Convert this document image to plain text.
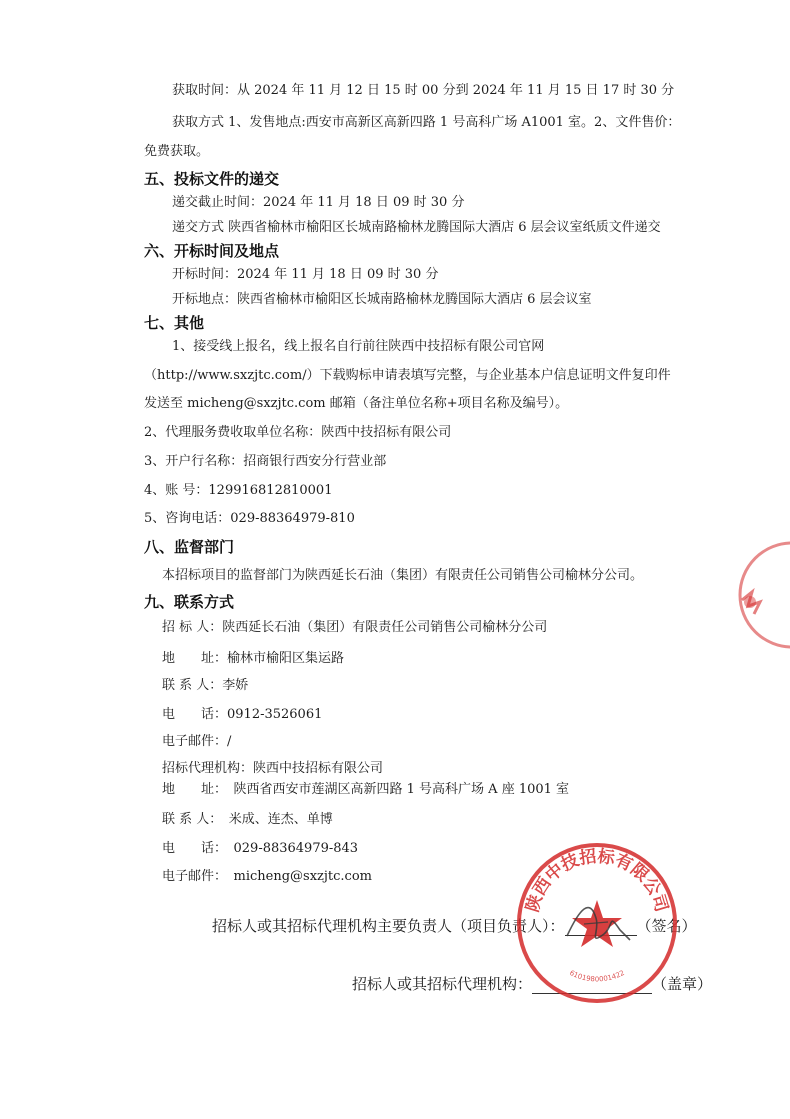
获取时间：从 2024 年 11 月 12 日 15 时 00 分到 2024 年 11 月 15 日 17 时 30 分
获取方式 1、发售地点:西安市高新区高新四路 1 号高科广场 A1001 室。2、文件售价：
免费获取。
五、投标文件的递交
递交截止时间：2024 年 11 月 18 日 09 时 30 分
递交方式 陕西省榆林市榆阳区长城南路榆林龙腾国际大酒店 6 层会议室纸质文件递交
六、开标时间及地点
开标时间：2024 年 11 月 18 日 09 时 30 分
开标地点：陕西省榆林市榆阳区长城南路榆林龙腾国际大酒店 6 层会议室
七、其他
1、接受线上报名，线上报名自行前往陕西中技招标有限公司官网
（http://www.sxzjtc.com/）下载购标申请表填写完整，与企业基本户信息证明文件复印件
发送至 micheng@sxzjtc.com 邮箱（备注单位名称+项目名称及编号）。
2、代理服务费收取单位名称：陕西中技招标有限公司
3、开户行名称：招商银行西安分行营业部
4、账 号：129916812810001
5、咨询电话：029-88364979-810
八、监督部门
本招标项目的监督部门为陕西延长石油（集团）有限责任公司销售公司榆林分公司。
九、联系方式
招 标 人：陕西延长石油（集团）有限责任公司销售公司榆林分公司
地　　址：榆林市榆阳区集运路
联 系 人：李娇
电　　话：0912-3526061
电子邮件：/
招标代理机构：陕西中技招标有限公司
地　　址：　陕西省西安市莲湖区高新四路 1 号高科广场 A 座 1001 室
联 系 人：　米成、连杰、单博
电　　话：　029-88364979-843
电子邮件：　micheng@sxzjtc.com
招标人或其招标代理机构主要负责人（项目负责人）：	（签名）
招标人或其招标代理机构：	（盖章）
陕西中技招标有限公司
6101980001422
